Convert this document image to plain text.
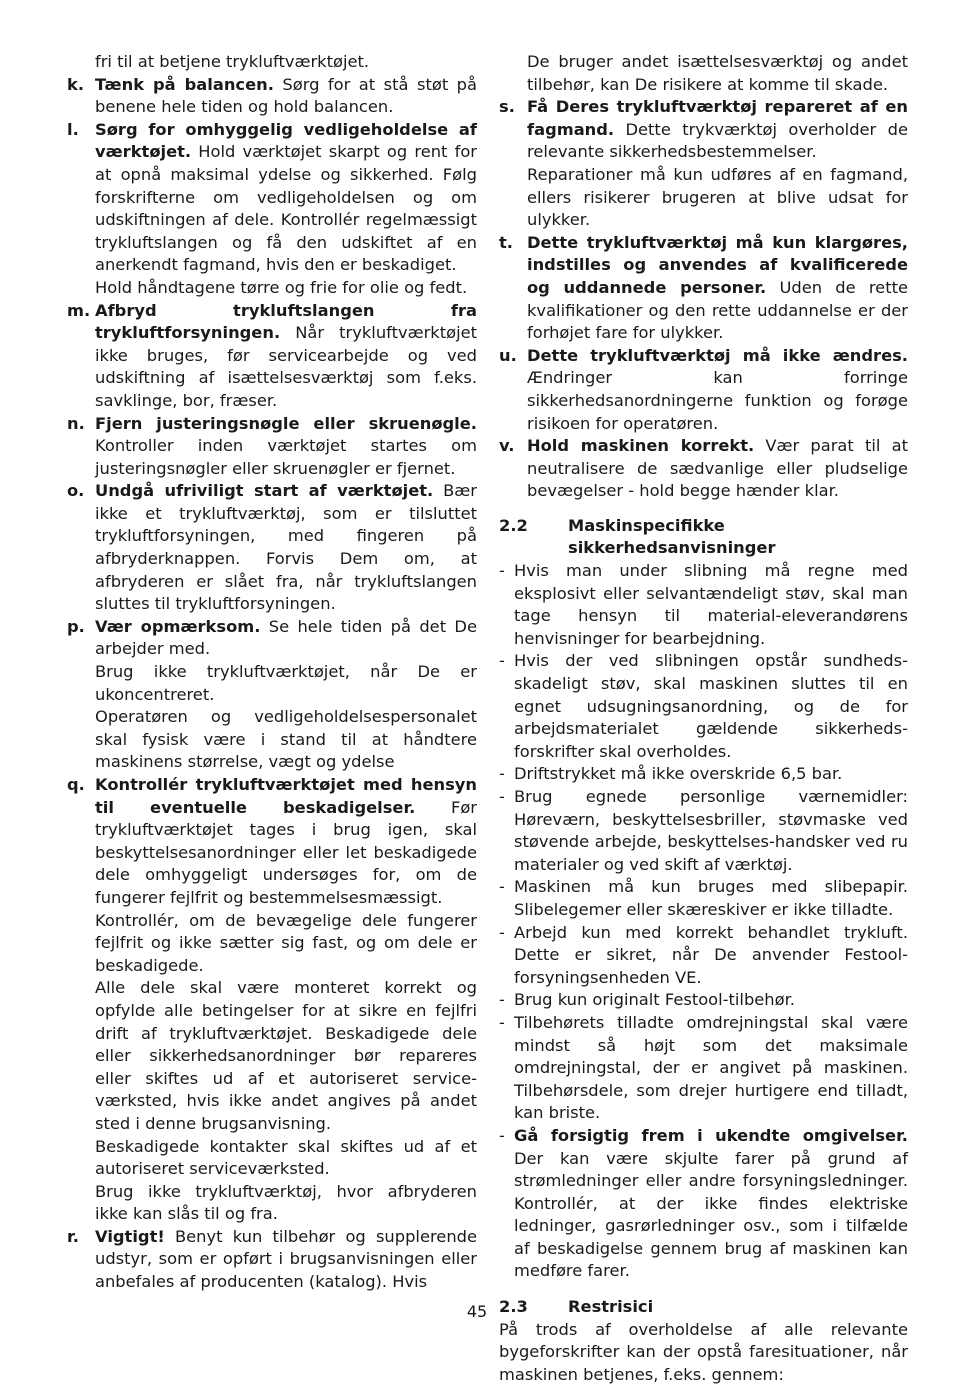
fri til at betjene trykluftværktøjet.

k. Tænk på balancen. Sørg for at stå støt på benene hele tiden og hold balancen.

l. Sørg for omhyggelig vedligeholdelse af værktøjet. Hold værktøjet skarpt og rent for at opnå maksimal ydelse og sikkerhed. Følg forskrifterne om vedligeholdelsen og om udskiftningen af dele. Kontrollér regelmæssigt trykluftslangen og få den udskiftet af en anerkendt fagmand, hvis den er beskadiget.

Hold håndtagene tørre og frie for olie og fedt.

m. Afbryd trykluftslangen fra trykluftforsyningen. Når trykluftværktøjet ikke bruges, før servicearbejde og ved udskiftning af isættelsesværktøj som f.eks. savklinge, bor, fræser.

n. Fjern justeringsnøgle eller skruenøgle. Kontroller inden værktøjet startes om justeringsnøgler eller skruenøgler er fjernet.

o. Undgå ufriviligt start af værktøjet. Bær ikke et trykluftværktøj, som er tilsluttet trykluftforsyningen, med fingeren på afbryderknappen. Forvis Dem om, at afbryderen er slået fra, når trykluftslangen sluttes til trykluftforsyningen.

p. Vær opmærksom. Se hele tiden på det De arbejder med.

Brug ikke trykluftværktøjet, når De er ukoncentreret.

Operatøren og vedligeholdelsespersonalet skal fysisk være i stand til at håndtere maskinens størrelse, vægt og ydelse

q. Kontrollér trykluftværktøjet med hensyn til eventuelle beskadigelser. Før trykluftværktøjet tages i brug igen, skal beskyttelsesanordninger eller let beskadigede dele omhyggeligt undersøges for, om de fungerer fejlfrit og bestemmelsesmæssigt.

Kontrollér, om de bevægelige dele fungerer fejlfrit og ikke sætter sig fast, og om dele er beskadigede.

Alle dele skal være monteret korrekt og opfylde alle betingelser for at sikre en fejlfri drift af trykluftværktøjet. Beskadigede dele eller sikkerhedsanordninger bør repareres eller skiftes ud af et autoriseret service-værksted, hvis ikke andet angives på andet sted i denne brugsanvisning.

Beskadigede kontakter skal skiftes ud af et autoriseret serviceværksted.

Brug ikke trykluftværktøj, hvor afbryderen ikke kan slås til og fra.

r. Vigtigt! Benyt kun tilbehør og supplerende udstyr, som er opført i brugsanvisningen eller anbefales af producenten (katalog). Hvis

De bruger andet isættelsesværktøj og andet tilbehør, kan De risikere at komme til skade.

s. Få Deres trykluftværktøj repareret af en fagmand. Dette trykværktøj overholder de relevante sikkerhedsbestemmelser.

Reparationer må kun udføres af en fagmand, ellers risikerer brugeren at blive udsat for ulykker.

t. Dette trykluftværktøj må kun klargøres, indstilles og anvendes af kvalificerede og uddannede personer. Uden de rette kvalifikationer og den rette uddannelse er der forhøjet fare for ulykker.

u. Dette trykluftværktøj må ikke ændres. Ændringer kan forringe sikkerhedsanordningerne funktion og forøge risikoen for operatøren.

v. Hold maskinen korrekt. Vær parat til at neutralisere de sædvanlige eller pludselige bevægelser - hold begge hænder klar.

2.2	Maskinspecifikke sikkerhedsanvisninger
- Hvis man under slibning må regne med eksplosivt eller selvantændeligt støv, skal man tage hensyn til material-eleverandørens henvisninger for bearbejdning.
- Hvis der ved slibningen opstår sundheds-skadeligt støv, skal maskinen sluttes til en egnet udsugningsanordning, og de for arbejdsmaterialet gældende sikkerheds-forskrifter skal overholdes.
- Driftstrykket må ikke overskride 6,5 bar.
- Brug egnede personlige værnemidler: Høreværn, beskyttelsesbriller, støvmaske ved støvende arbejde, beskyttelses-handsker ved ru materialer og ved skift af værktøj.
- Maskinen må kun bruges med slibepapir. Slibelegemer eller skæreskiver er ikke tilladte.
- Arbejd kun med korrekt behandlet trykluft. Dette er sikret, når De anvender Festool-forsyningsenheden VE.
- Brug kun originalt Festool-tilbehør.
- Tilbehørets tilladte omdrejningstal skal være mindst så højt som det maksimale omdrejningstal, der er angivet på maskinen. Tilbehørsdele, som drejer hurtigere end tilladt, kan briste.
- Gå forsigtig frem i ukendte omgivelser. Der kan være skjulte farer på grund af strømledninger eller andre forsyningsledninger. Kontrollér, at der ikke findes elektriske ledninger, gasrørledninger osv., som i tilfælde af beskadigelse gennem brug af maskinen kan medføre farer.
2.3	Restrisici

På trods af overholdelse af alle relevante bygeforskrifter kan der opstå faresituationer, når maskinen betjenes, f.eks. gennem:

45
